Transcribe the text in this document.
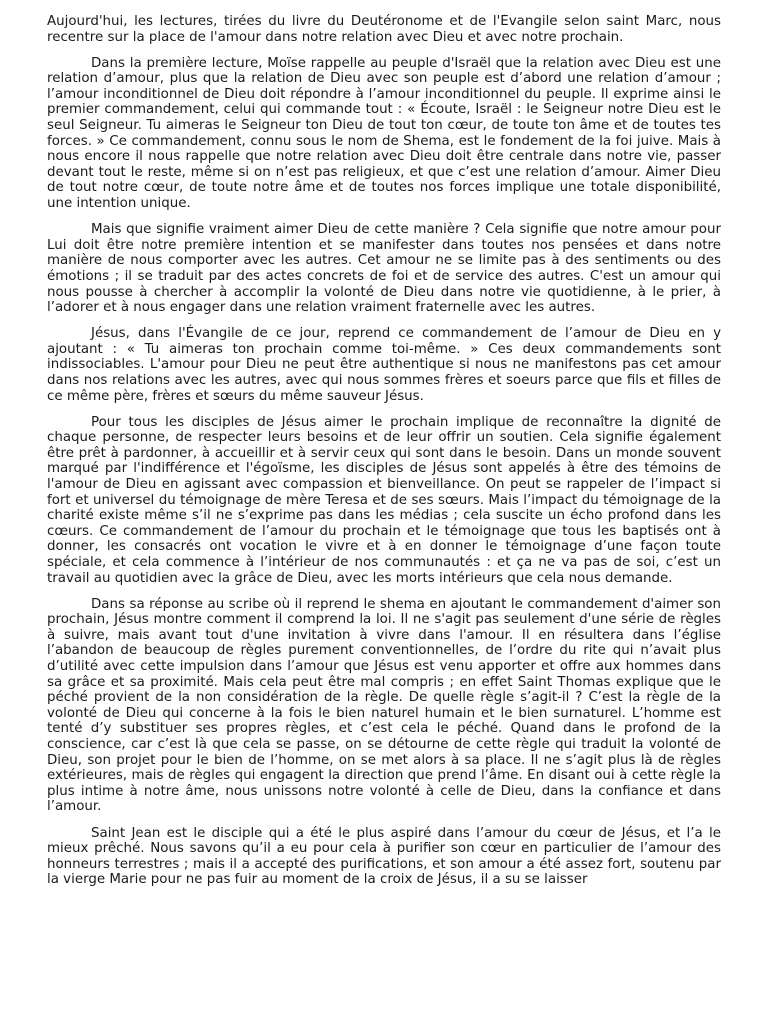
Aujourd'hui, les lectures, tirées du livre du Deutéronome et de l'Évangile selon saint Marc, nous recentre sur la place de l'amour dans notre relation avec Dieu et avec notre prochain.

Dans la première lecture, Moïse rappelle au peuple d'Israël que la relation avec Dieu est une relation d’amour, plus que la relation de Dieu avec son peuple est d’abord une relation d’amour ; l’amour inconditionnel de Dieu doit répondre à l’amour inconditionnel du peuple. Il exprime ainsi le premier commandement, celui qui commande tout : « Écoute, Israël : le Seigneur notre Dieu est le seul Seigneur. Tu aimeras le Seigneur ton Dieu de tout ton cœur, de toute ton âme et de toutes tes forces. » Ce commandement, connu sous le nom de Shema, est le fondement de la foi juive. Mais à nous encore il nous rappelle que notre relation avec Dieu doit être centrale dans notre vie, passer devant tout le reste, même si on n’est pas religieux, et que c’est une relation d’amour. Aimer Dieu de tout notre cœur, de toute notre âme et de toutes nos forces implique une totale disponibilité, une intention unique.

Mais que signifie vraiment aimer Dieu de cette manière ? Cela signifie que notre amour pour Lui doit être notre première intention et se manifester dans toutes nos pensées et dans notre manière de nous comporter avec les autres. Cet amour ne se limite pas à des sentiments ou des émotions ; il se traduit par des actes concrets de foi et de service des autres. C'est un amour qui nous pousse à chercher à accomplir la volonté de Dieu dans notre vie quotidienne, à le prier, à l’adorer et à nous engager dans une relation vraiment fraternelle avec les autres.

Jésus, dans l'Évangile de ce jour, reprend ce commandement de l’amour de Dieu en y ajoutant : « Tu aimeras ton prochain comme toi-même. » Ces deux commandements sont indissociables. L'amour pour Dieu ne peut être authentique si nous ne manifestons pas cet amour dans nos relations avec les autres, avec qui nous sommes frères et soeurs parce que fils et filles de ce même père, frères et sœurs du même sauveur Jésus.

Pour tous les disciples de Jésus aimer le prochain implique de reconnaître la dignité de chaque personne, de respecter leurs besoins et de leur offrir un soutien. Cela signifie également être prêt à pardonner, à accueillir et à servir ceux qui sont dans le besoin. Dans un monde souvent marqué par l'indifférence et l'égoïsme, les disciples de Jésus sont appelés à être des témoins de l'amour de Dieu en agissant avec compassion et bienveillance. On peut se rappeler de l’impact si fort et universel du témoignage de mère Teresa et de ses sœurs. Mais l’impact du témoignage de la charité existe même s’il ne s’exprime pas dans les médias ; cela suscite un écho profond dans les cœurs. Ce commandement de l’amour du prochain et le témoignage que tous les baptisés ont à donner, les consacrés ont vocation le vivre et à en donner le témoignage d’une façon toute spéciale, et cela commence à l’intérieur de nos communautés : et ça ne va pas de soi, c’est un travail au quotidien avec la grâce de Dieu, avec les morts intérieurs que cela nous demande.

Dans sa réponse au scribe où il reprend le shema en ajoutant le commandement d'aimer son prochain, Jésus montre comment il comprend la loi. Il ne s'agit pas seulement d'une série de règles à suivre, mais avant tout d'une invitation à vivre dans l'amour. Il en résultera dans l’église l’abandon de beaucoup de règles purement conventionnelles, de l’ordre du rite qui n’avait plus d’utilité avec cette impulsion dans l’amour que Jésus est venu apporter et offre aux hommes dans sa grâce et sa proximité. Mais cela peut être mal compris ; en effet Saint Thomas explique que le péché provient de la non considération de la règle. De quelle règle s’agit-il ? C’est la règle de la volonté de Dieu qui concerne à la fois le bien naturel humain et le bien surnaturel. L’homme est tenté d’y substituer ses propres règles, et c’est cela le péché. Quand dans le profond de la conscience, car c’est là que cela se passe, on se détourne de cette règle qui traduit la volonté de Dieu, son projet pour le bien de l’homme, on se met alors à sa place. Il ne s’agit plus là de règles extérieures, mais de règles qui engagent la direction que prend l’âme. En disant oui à cette règle la plus intime à notre âme, nous unissons notre volonté à celle de Dieu, dans la confiance et dans l’amour.

Saint Jean est le disciple qui a été le plus aspiré dans l’amour du cœur de Jésus, et l’a le mieux prêché. Nous savons qu’il a eu pour cela à purifier son cœur en particulier de l’amour des honneurs terrestres ; mais il a accepté des purifications, et son amour a été assez fort, soutenu par la vierge Marie pour ne pas fuir au moment de la croix de Jésus, il a su se laisser
